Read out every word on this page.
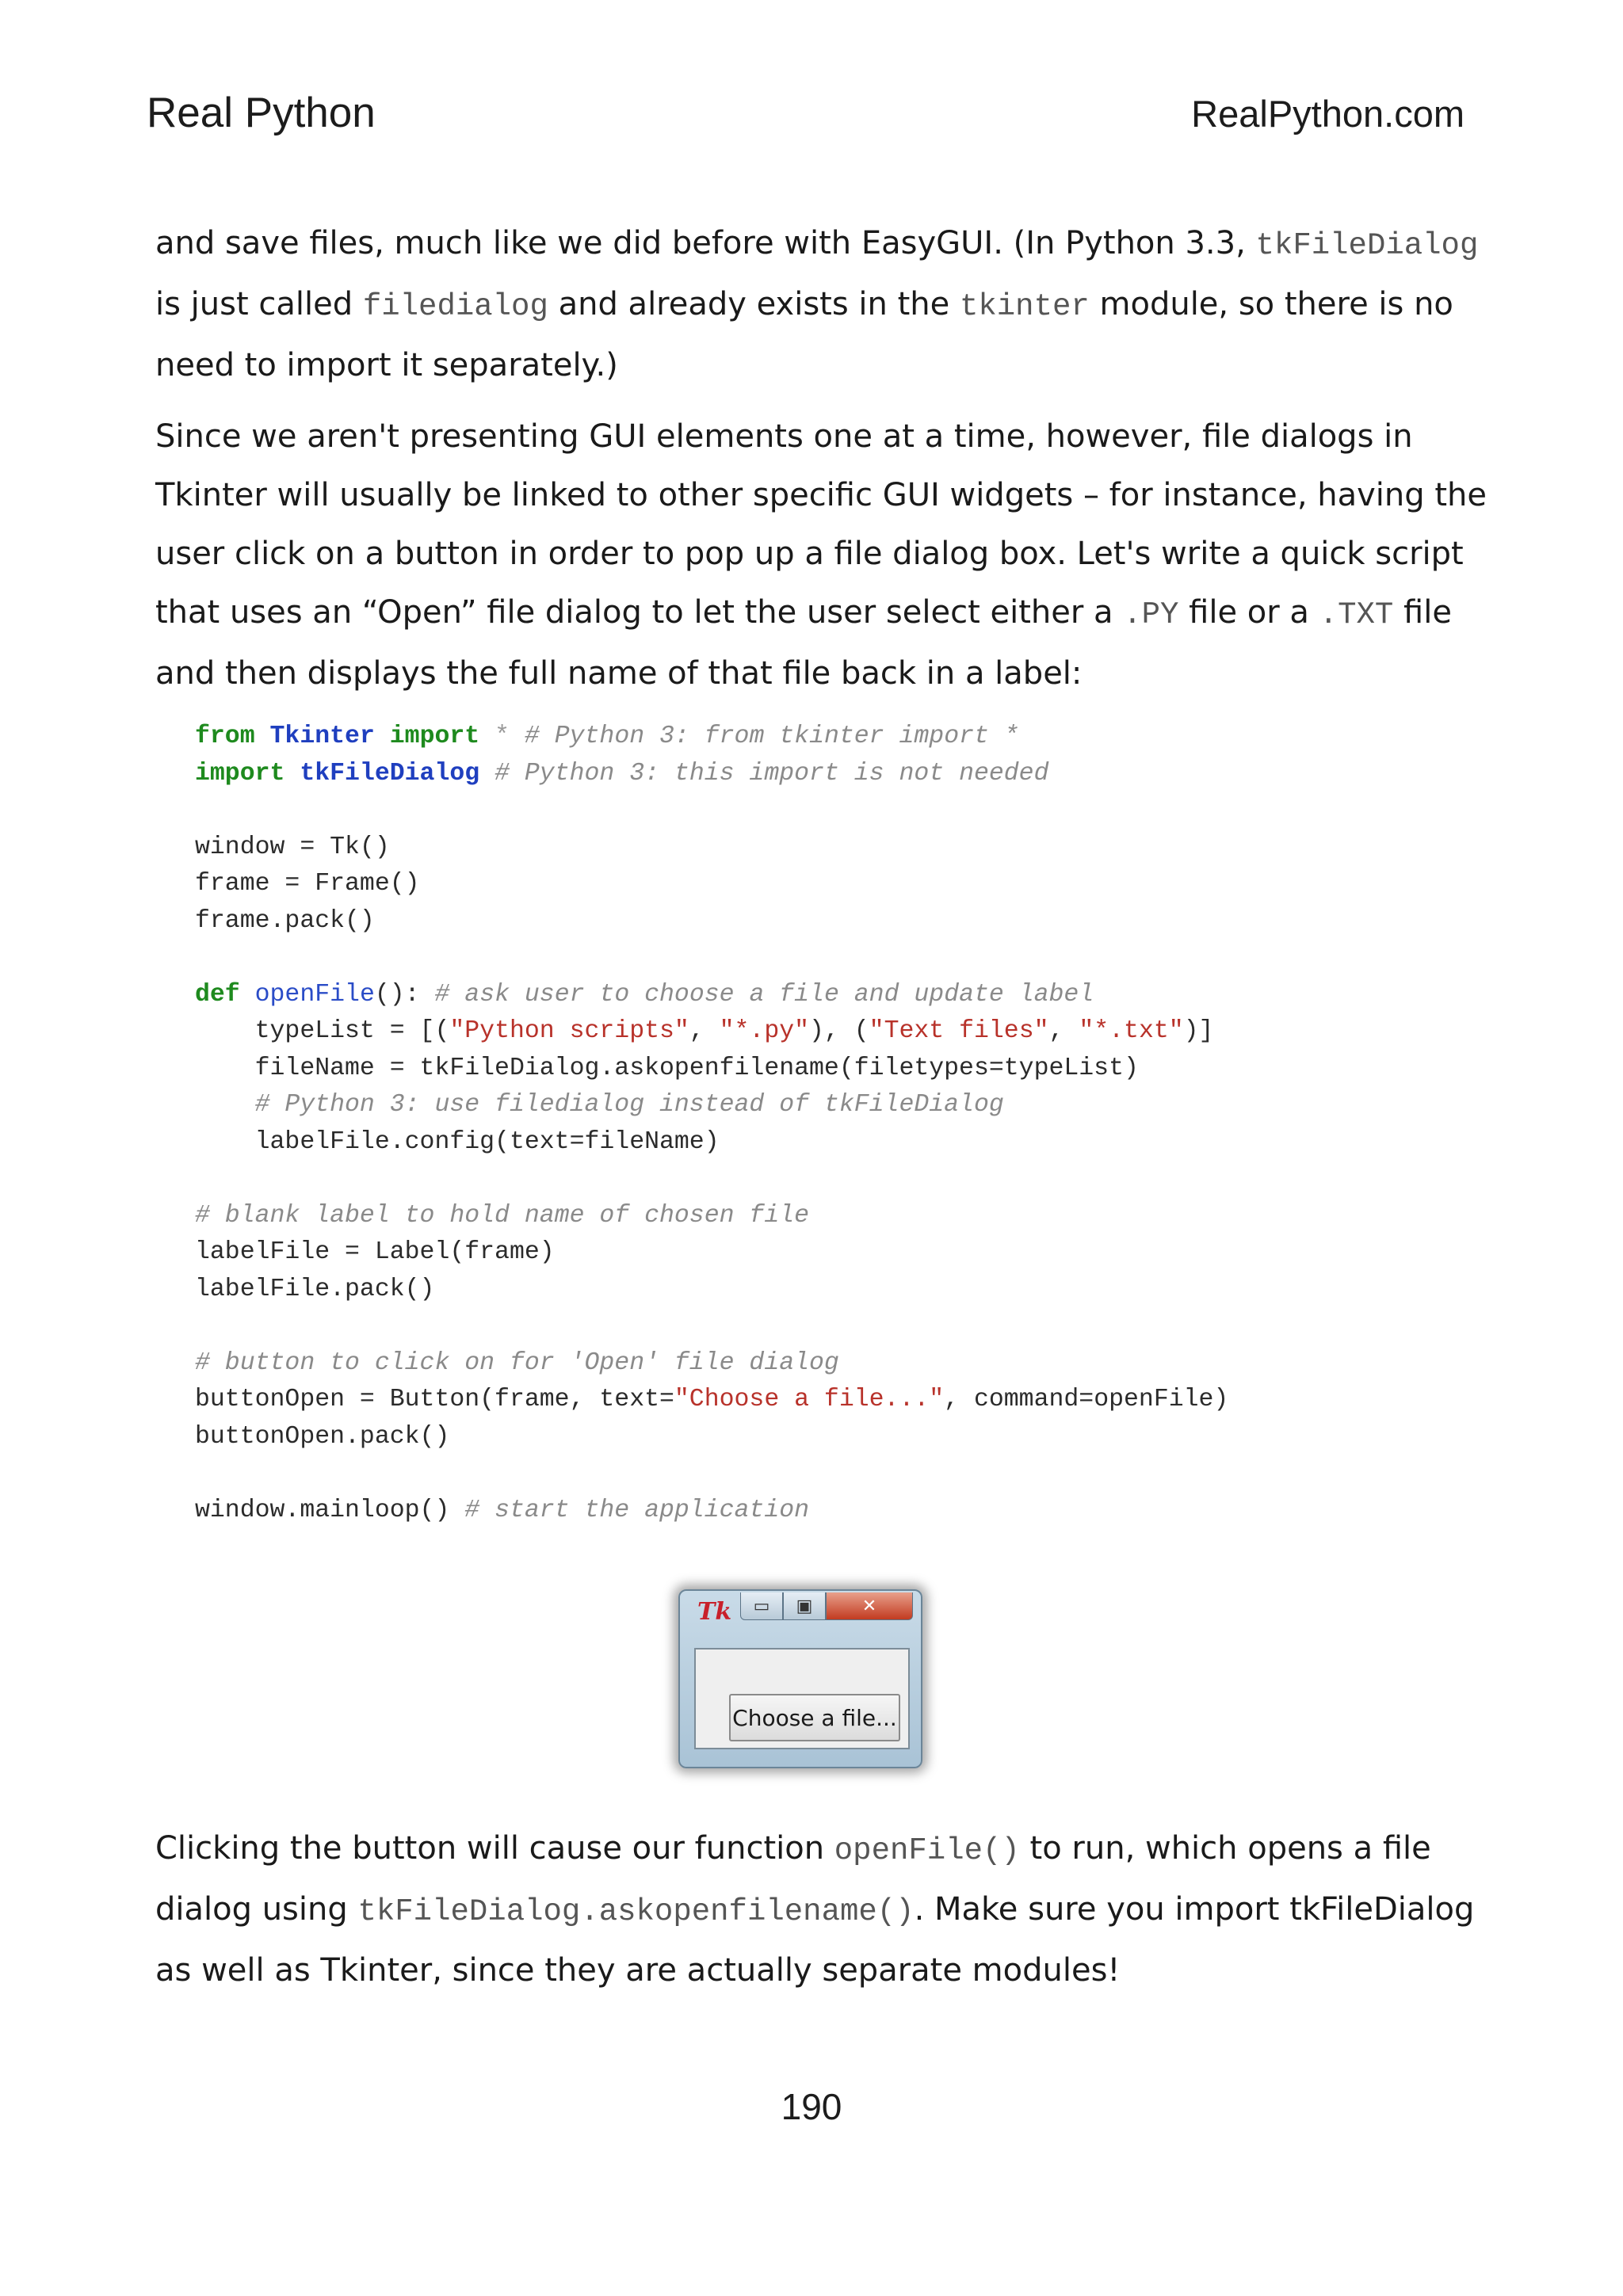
Real Python	RealPython.com
and save files, much like we did before with EasyGUI. (In Python 3.3, tkFileDialog is just called filedialog and already exists in the tkinter module, so there is no need to import it separately.)
Since we aren't presenting GUI elements one at a time, however, file dialogs in Tkinter will usually be linked to other specific GUI widgets – for instance, having the user click on a button in order to pop up a file dialog box. Let's write a quick script that uses an “Open” file dialog to let the user select either a .PY file or a .TXT file and then displays the full name of that file back in a label:
from Tkinter import * # Python 3: from tkinter import *
import tkFileDialog # Python 3: this import is not needed

window = Tk()
frame = Frame()
frame.pack()

def openFile(): # ask user to choose a file and update label
typeList = [("Python scripts", "*.py"), ("Text files", "*.txt")]
fileName = tkFileDialog.askopenfilename(filetypes=typeList)
# Python 3: use filedialog instead of tkFileDialog
labelFile.config(text=fileName)

# blank label to hold name of chosen file
labelFile = Label(frame)
labelFile.pack()

# button to click on for 'Open' file dialog
buttonOpen = Button(frame, text="Choose a file...", command=openFile)
buttonOpen.pack()

window.mainloop() # start the application
Tk	▭	▣	✕
Choose a file...
Clicking the button will cause our function openFile() to run, which opens a file dialog using tkFileDialog.askopenfilename(). Make sure you import tkFileDialog as well as Tkinter, since they are actually separate modules!
190
